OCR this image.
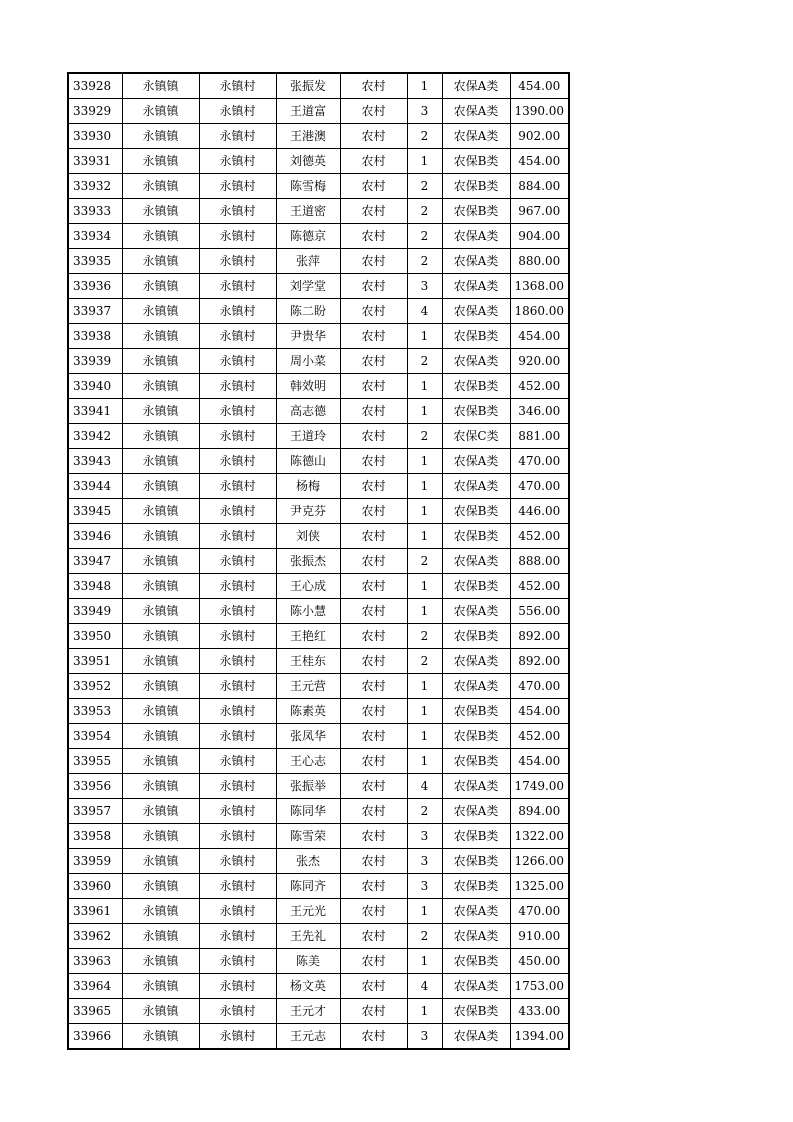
33928	永镇镇	永镇村	张振发	农村	1	农保A类	454.00
33929	永镇镇	永镇村	王道富	农村	3	农保A类	1390.00
33930	永镇镇	永镇村	王港澳	农村	2	农保A类	902.00
33931	永镇镇	永镇村	刘德英	农村	1	农保B类	454.00
33932	永镇镇	永镇村	陈雪梅	农村	2	农保B类	884.00
33933	永镇镇	永镇村	王道密	农村	2	农保B类	967.00
33934	永镇镇	永镇村	陈德京	农村	2	农保A类	904.00
33935	永镇镇	永镇村	张萍	农村	2	农保A类	880.00
33936	永镇镇	永镇村	刘学堂	农村	3	农保A类	1368.00
33937	永镇镇	永镇村	陈二盼	农村	4	农保A类	1860.00
33938	永镇镇	永镇村	尹贵华	农村	1	农保B类	454.00
33939	永镇镇	永镇村	周小菜	农村	2	农保A类	920.00
33940	永镇镇	永镇村	韩效明	农村	1	农保B类	452.00
33941	永镇镇	永镇村	高志德	农村	1	农保B类	346.00
33942	永镇镇	永镇村	王道玲	农村	2	农保C类	881.00
33943	永镇镇	永镇村	陈德山	农村	1	农保A类	470.00
33944	永镇镇	永镇村	杨梅	农村	1	农保A类	470.00
33945	永镇镇	永镇村	尹克芬	农村	1	农保B类	446.00
33946	永镇镇	永镇村	刘侠	农村	1	农保B类	452.00
33947	永镇镇	永镇村	张振杰	农村	2	农保A类	888.00
33948	永镇镇	永镇村	王心成	农村	1	农保B类	452.00
33949	永镇镇	永镇村	陈小慧	农村	1	农保A类	556.00
33950	永镇镇	永镇村	王艳红	农村	2	农保B类	892.00
33951	永镇镇	永镇村	王桂东	农村	2	农保A类	892.00
33952	永镇镇	永镇村	王元营	农村	1	农保A类	470.00
33953	永镇镇	永镇村	陈素英	农村	1	农保B类	454.00
33954	永镇镇	永镇村	张凤华	农村	1	农保B类	452.00
33955	永镇镇	永镇村	王心志	农村	1	农保B类	454.00
33956	永镇镇	永镇村	张振举	农村	4	农保A类	1749.00
33957	永镇镇	永镇村	陈同华	农村	2	农保A类	894.00
33958	永镇镇	永镇村	陈雪荣	农村	3	农保B类	1322.00
33959	永镇镇	永镇村	张杰	农村	3	农保B类	1266.00
33960	永镇镇	永镇村	陈同齐	农村	3	农保B类	1325.00
33961	永镇镇	永镇村	王元光	农村	1	农保A类	470.00
33962	永镇镇	永镇村	王先礼	农村	2	农保A类	910.00
33963	永镇镇	永镇村	陈美	农村	1	农保B类	450.00
33964	永镇镇	永镇村	杨文英	农村	4	农保A类	1753.00
33965	永镇镇	永镇村	王元才	农村	1	农保B类	433.00
33966	永镇镇	永镇村	王元志	农村	3	农保A类	1394.00
